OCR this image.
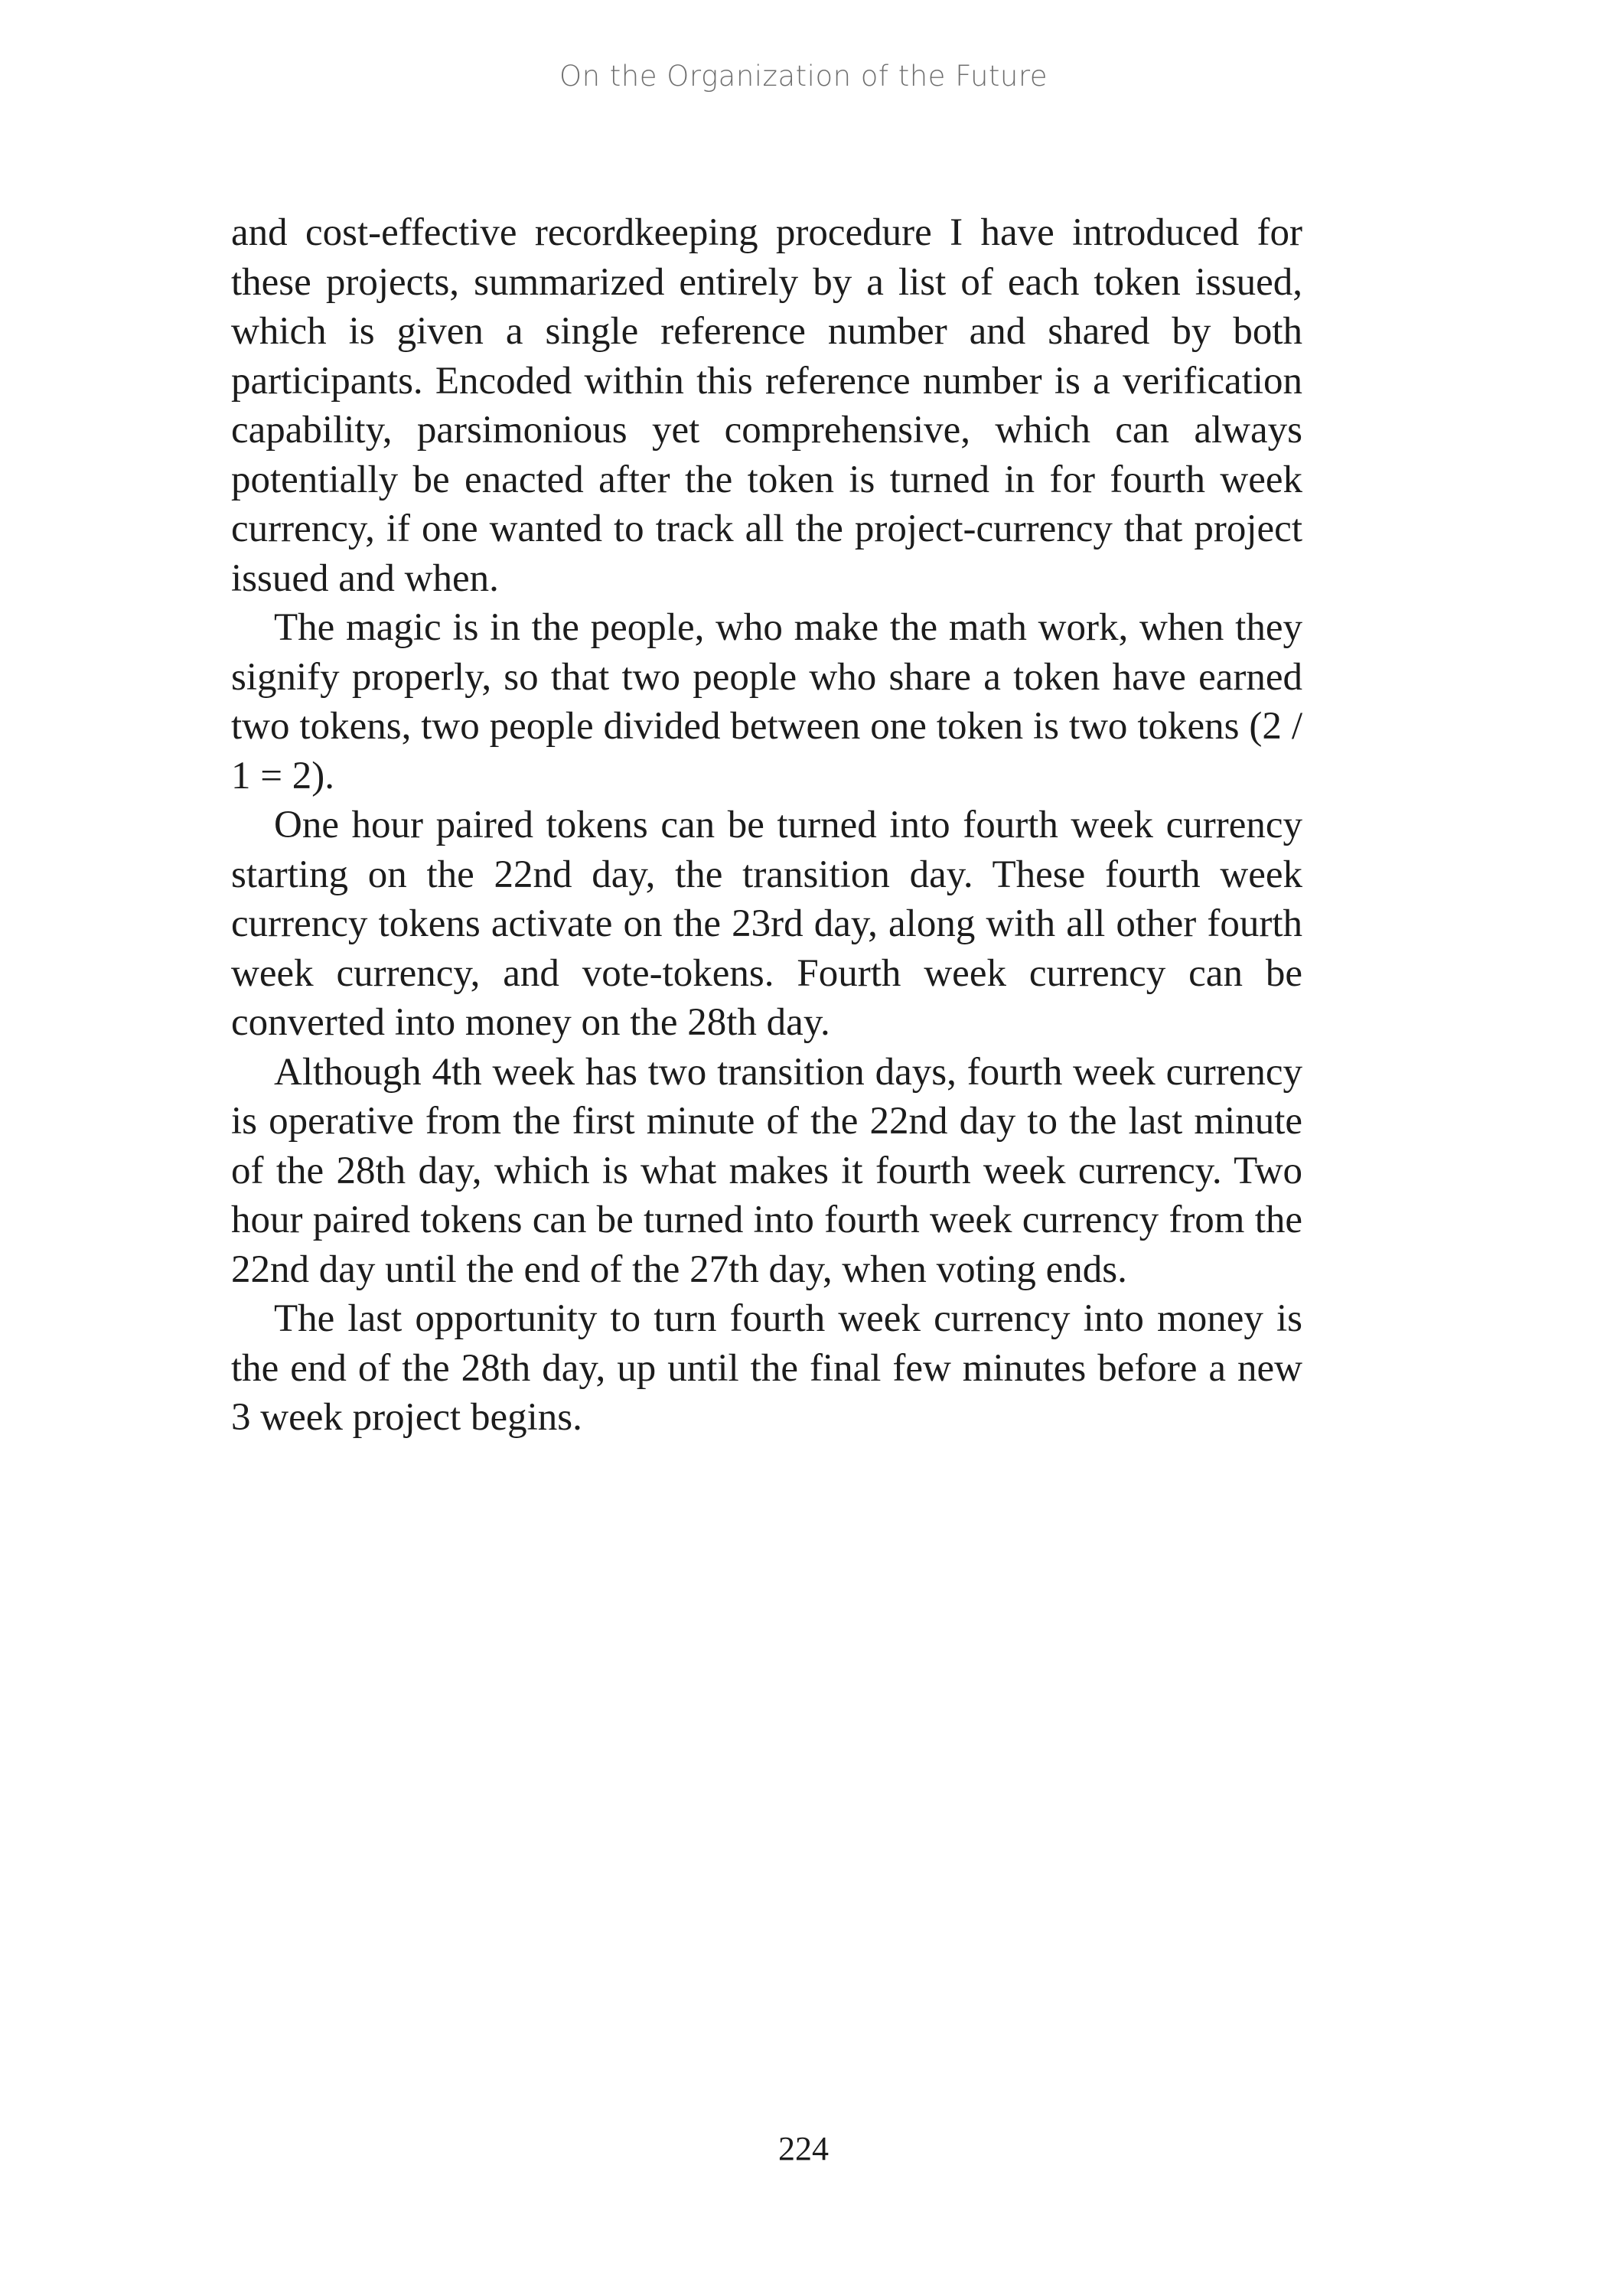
On the Organization of the Future

and cost-effective recordkeeping procedure I have introduced for these projects, summarized entirely by a list of each token issued, which is given a single reference number and shared by both participants. Encoded within this reference number is a verification capability, parsimonious yet comprehensive, which can always potentially be enacted after the token is turned in for fourth week currency, if one wanted to track all the project-currency that project issued and when.

The magic is in the people, who make the math work, when they signify properly, so that two people who share a token have earned two tokens, two people divided between one token is two tokens (2 / 1 = 2).

One hour paired tokens can be turned into fourth week currency starting on the 22nd day, the transition day. These fourth week currency tokens activate on the 23rd day, along with all other fourth week currency, and vote-tokens. Fourth week currency can be converted into money on the 28th day.

Although 4th week has two transition days, fourth week currency is operative from the first minute of the 22nd day to the last minute of the 28th day, which is what makes it fourth week currency. Two hour paired tokens can be turned into fourth week currency from the 22nd day until the end of the 27th day, when voting ends.

The last opportunity to turn fourth week currency into money is the end of the 28th day, up until the final few minutes before a new 3 week project begins.

224
